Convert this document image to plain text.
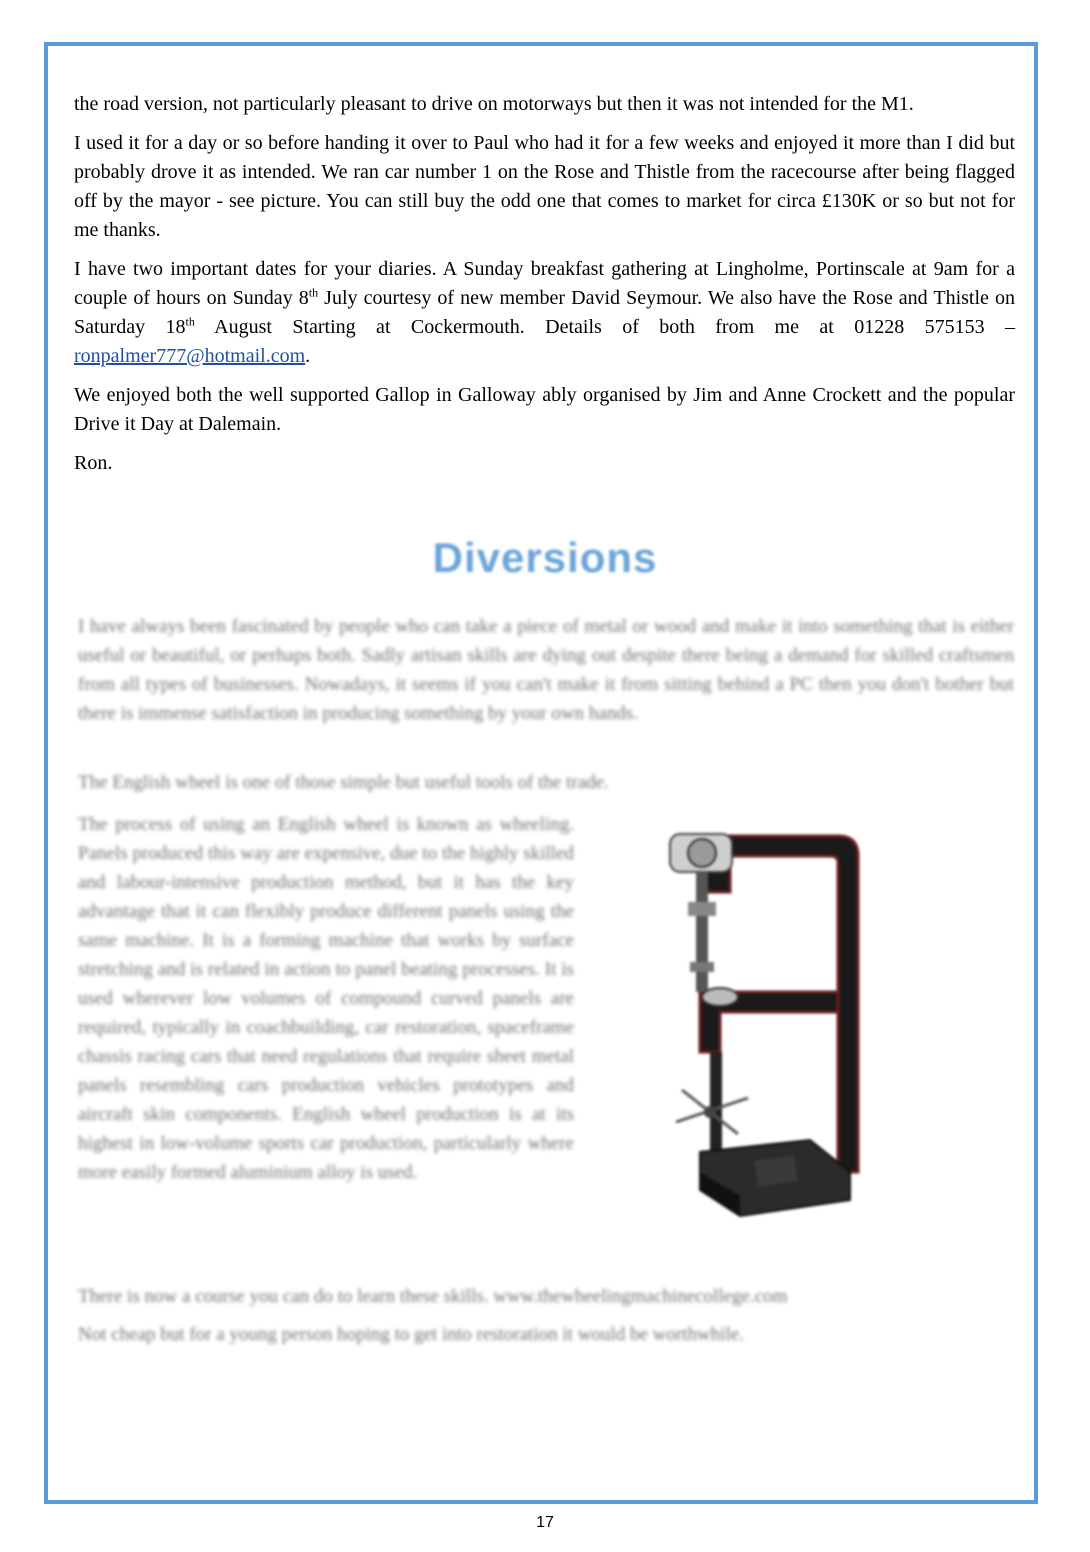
the road version, not particularly pleasant to drive on motorways but then it was not intended for the M1.

I used it for a day or so before handing it over to Paul who had it for a few weeks and enjoyed it more than I did but probably drove it as intended. We ran car number 1 on the Rose and Thistle from the racecourse after being flagged off by the mayor - see picture. You can still buy the odd one that comes to market for circa £130K or so but not for me thanks.

I have two important dates for your diaries. A Sunday breakfast gathering at Lingholme, Portinscale at 9am for a couple of hours on Sunday 8th July courtesy of new member David Seymour. We also have the Rose and Thistle on Saturday 18th August Starting at Cockermouth. Details of both from me at 01228 575153 – ronpalmer777@hotmail.com.

We enjoyed both the well supported Gallop in Galloway ably organised by Jim and Anne Crockett and the popular Drive it Day at Dalemain.

Ron.

Diversions
I have always been fascinated by people who can take a piece of metal or wood and make it into something that is either useful or beautiful, or perhaps both. Sadly artisan skills are dying out despite there being a demand for skilled craftsmen from all types of businesses. Nowadays, it seems if you can't make it from sitting behind a PC then you don't bother but there is immense satisfaction in producing something by your own hands.
The English wheel is one of those simple but useful tools of the trade.
The process of using an English wheel is known as wheeling. Panels produced this way are expensive, due to the highly skilled and labour-intensive production method, but it has the key advantage that it can flexibly produce different panels using the same machine. It is a forming machine that works by surface stretching and is related in action to panel beating processes. It is used wherever low volumes of compound curved panels are required, typically in coachbuilding, car restoration, spaceframe chassis racing cars that need regulations that require sheet metal panels resembling cars production vehicles prototypes and aircraft skin components. English wheel production is at its highest in low-volume sports car production, particularly where more easily formed aluminium alloy is used.
There is now a course you can do to learn these skills. www.thewheelingmachinecollege.com
Not cheap but for a young person hoping to get into restoration it would be worthwhile.
17
